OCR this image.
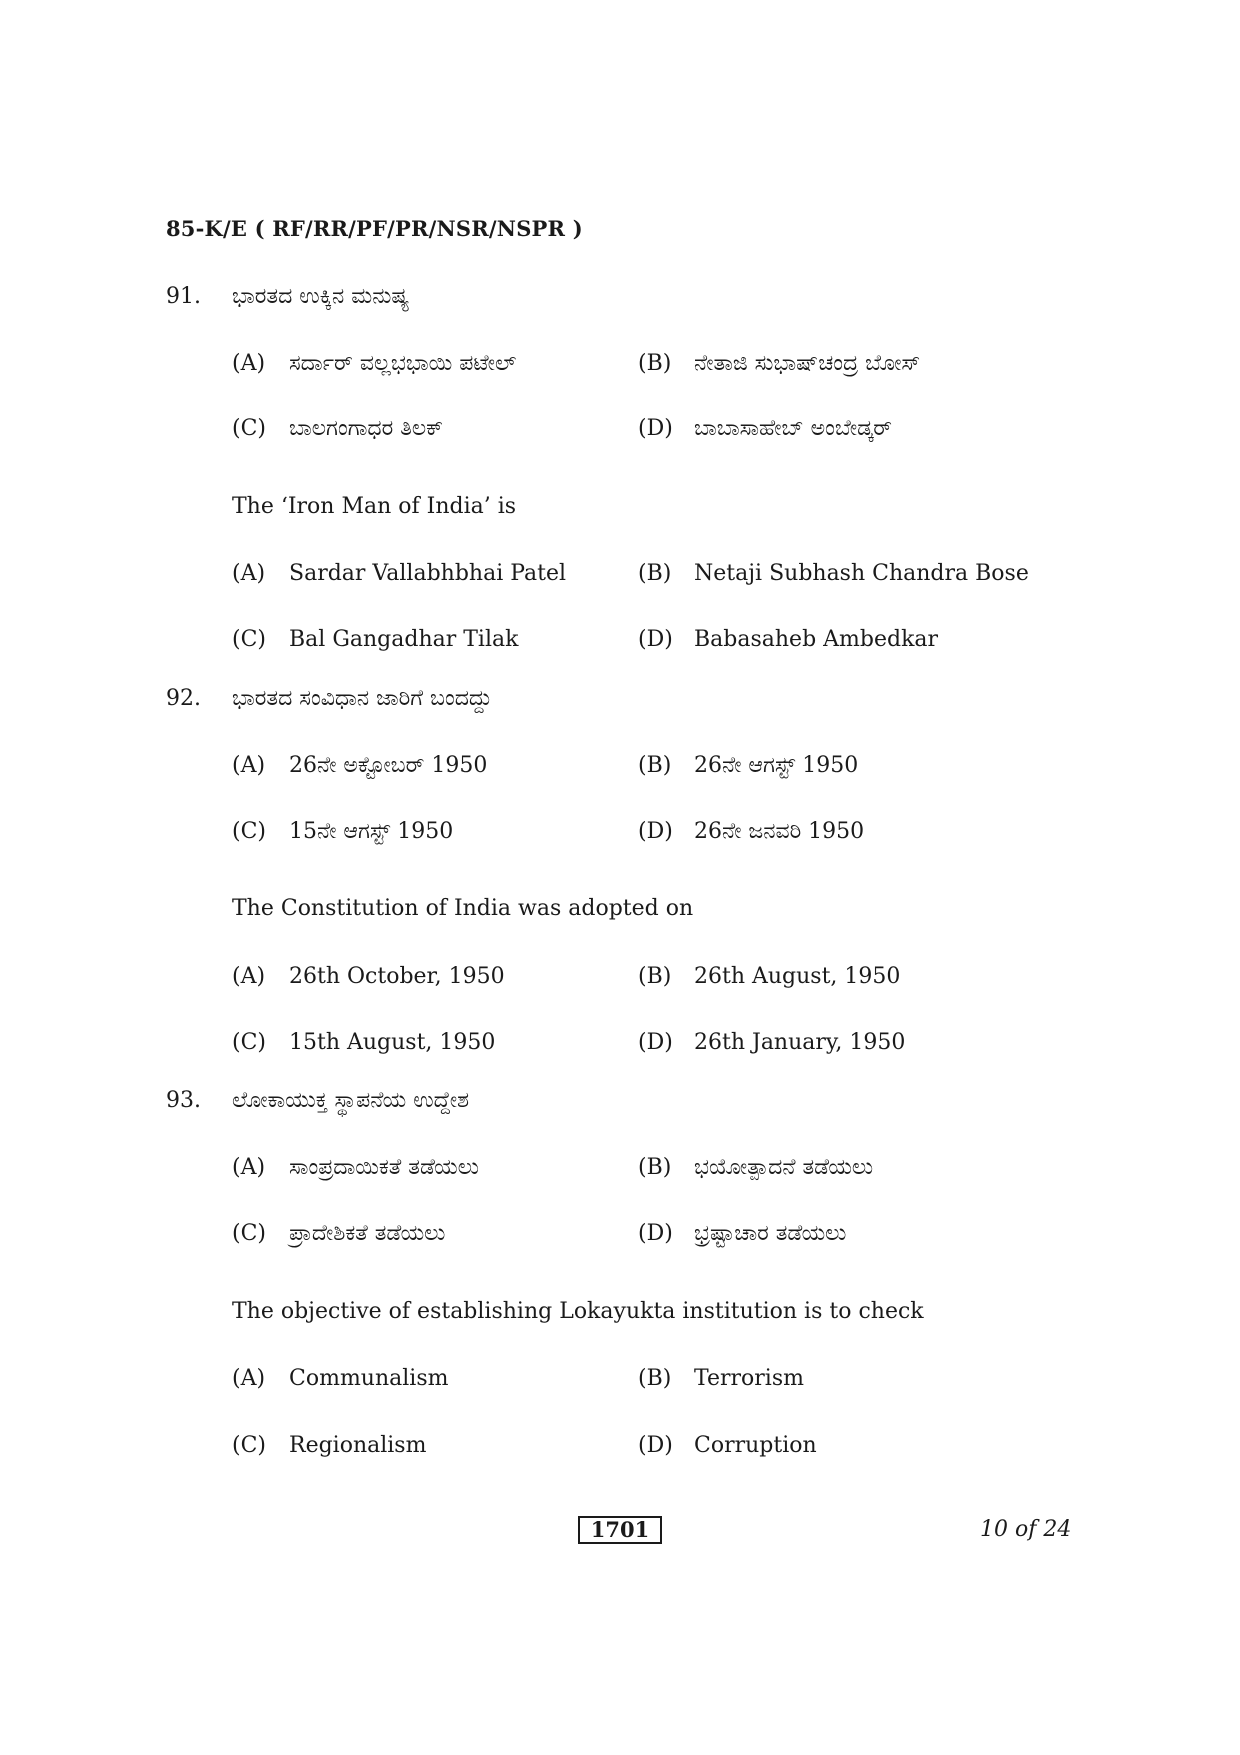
85-K/E ( RF/RR/PF/PR/NSR/NSPR )
91. ಭಾರತದ ಉಕ್ಕಿನ ಮನುಷ್ಯ
(A) ಸರ್ದಾರ್ ವಲ್ಲಭಭಾಯಿ ಪಟೇಲ್	(B) ನೇತಾಜಿ ಸುಭಾಷ್‌ಚಂದ್ರ ಬೋಸ್
(C) ಬಾಲಗಂಗಾಧರ ತಿಲಕ್	(D) ಬಾಬಾಸಾಹೇಬ್ ಅಂಬೇಡ್ಕರ್
The ‘Iron Man of India’ is
(A) Sardar Vallabhbhai Patel	(B) Netaji Subhash Chandra Bose
(C) Bal Gangadhar Tilak	(D) Babasaheb Ambedkar
92. ಭಾರತದ ಸಂವಿಧಾನ ಜಾರಿಗೆ ಬಂದದ್ದು
(A) 26ನೇ ಅಕ್ಟೋಬರ್ 1950	(B) 26ನೇ ಆಗಸ್ಟ್ 1950
(C) 15ನೇ ಆಗಸ್ಟ್ 1950	(D) 26ನೇ ಜನವರಿ 1950
The Constitution of India was adopted on
(A) 26th October, 1950	(B) 26th August, 1950
(C) 15th August, 1950	(D) 26th January, 1950
93. ಲೋಕಾಯುಕ್ತ ಸ್ಥಾಪನೆಯ ಉದ್ದೇಶ
(A) ಸಾಂಪ್ರದಾಯಿಕತೆ ತಡೆಯಲು	(B) ಭಯೋತ್ಪಾದನೆ ತಡೆಯಲು
(C) ಪ್ರಾದೇಶಿಕತೆ ತಡೆಯಲು	(D) ಭ್ರಷ್ಟಾಚಾರ ತಡೆಯಲು
The objective of establishing Lokayukta institution is to check
(A) Communalism	(B) Terrorism
(C) Regionalism	(D) Corruption
1701	10 of 24
